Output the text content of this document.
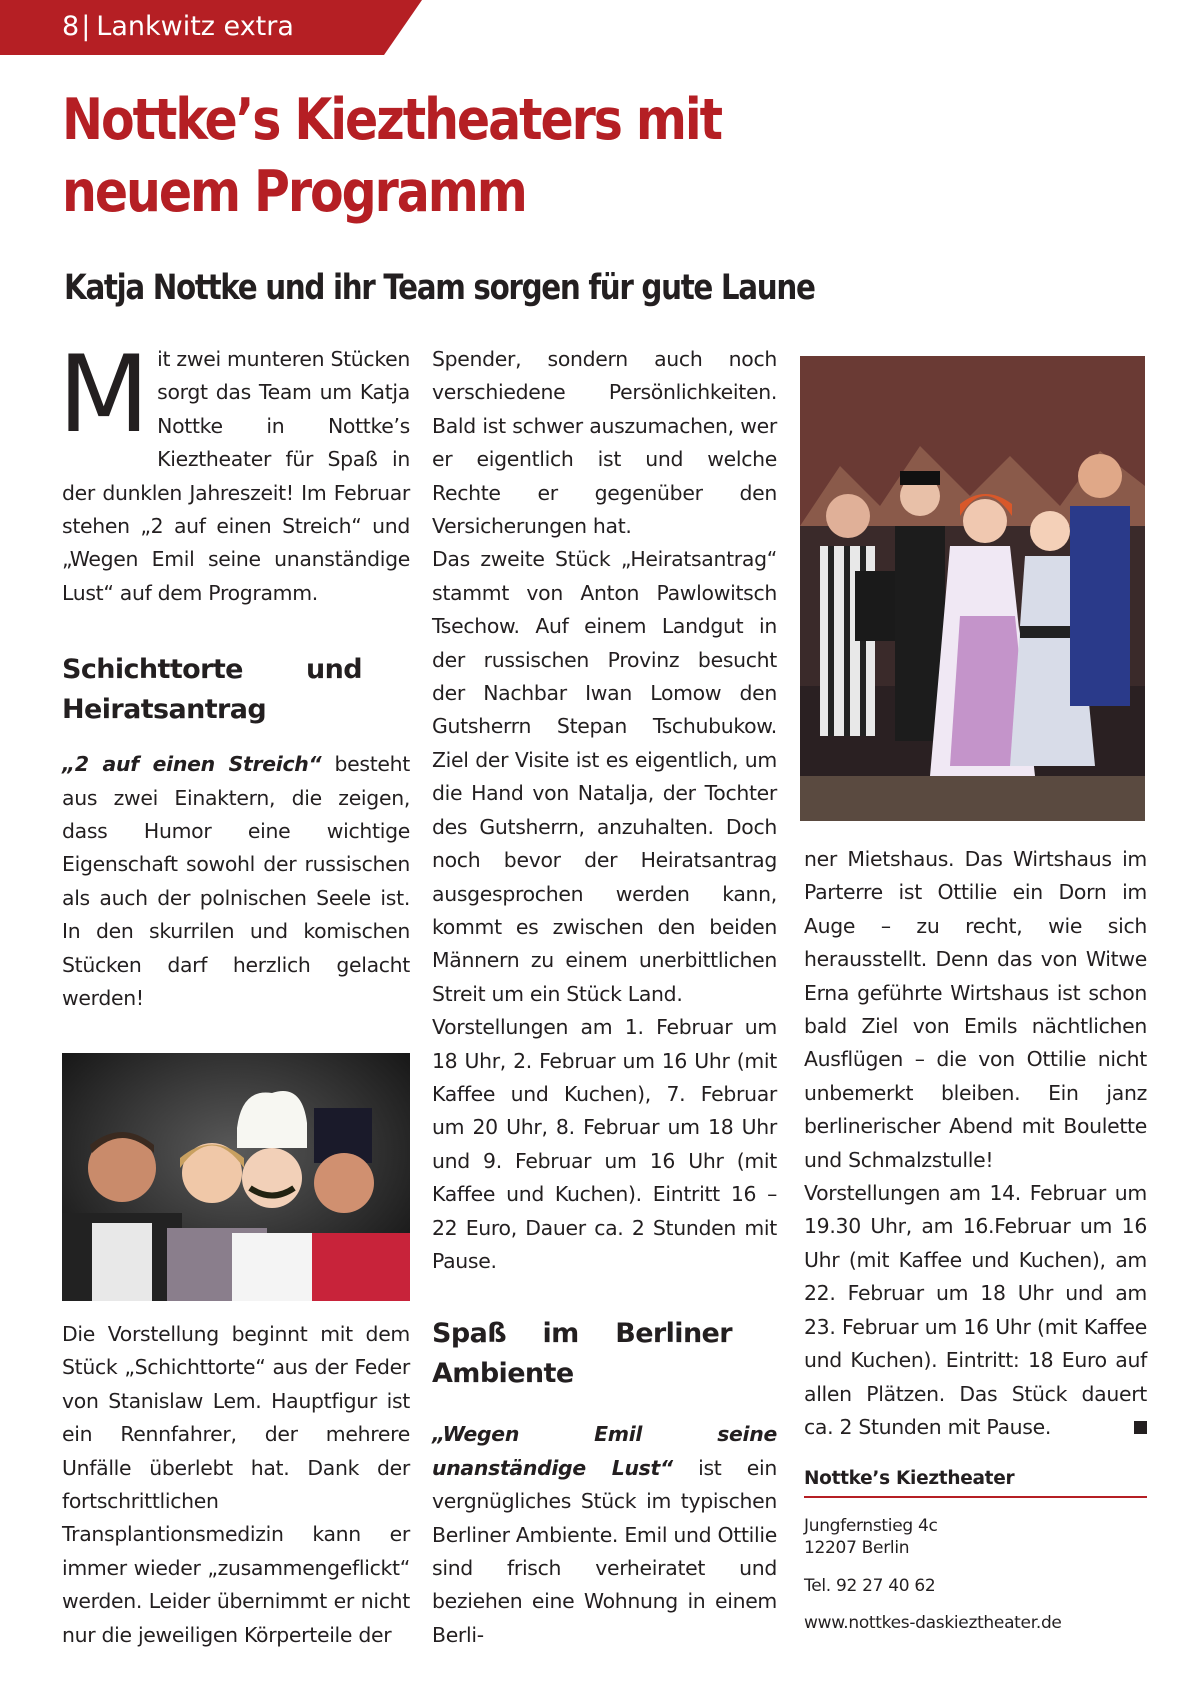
8| Lankwitz extra
Nottke’s Kieztheaters mit neuem Programm
Katja Nottke und ihr Team sorgen für gute Laune

Mit zwei munteren Stücken sorgt das Team um Katja Nottke in Nottke’s Kieztheater für Spaß in der dunklen Jahreszeit! Im Februar stehen „2 auf einen Streich“ und „Wegen Emil seine unanständige Lust“ auf dem Programm.

Schichttorte und Heiratsantrag

„2 auf einen Streich“ besteht aus zwei Einaktern, die zeigen, dass Humor eine wichtige Eigenschaft sowohl der russischen als auch der polnischen Seele ist. In den skurrilen und komischen Stücken darf herzlich gelacht werden!

Die Vorstellung beginnt mit dem Stück „Schichttorte“ aus der Feder von Stanislaw Lem. Hauptfigur ist ein Rennfahrer, der mehrere Unfälle überlebt hat. Dank der fortschrittlichen Transplantionsmedizin kann er immer wieder „zusammengeflickt“ werden. Leider übernimmt er nicht nur die jeweiligen Körperteile der

Spender, sondern auch noch verschiedene Persönlichkeiten. Bald ist schwer auszumachen, wer er eigentlich ist und welche Rechte er gegenüber den Versicherungen hat.

Das zweite Stück „Heiratsantrag“ stammt von Anton Pawlowitsch Tsechow. Auf einem Landgut in der russischen Provinz besucht der Nachbar Iwan Lomow den Gutsherrn Stepan Tschubukow. Ziel der Visite ist es eigentlich, um die Hand von Natalja, der Tochter des Gutsherrn, anzuhalten. Doch noch bevor der Heiratsantrag ausgesprochen werden kann, kommt es zwischen den beiden Männern zu einem unerbittlichen Streit um ein Stück Land.

Vorstellungen am 1. Februar um 18 Uhr, 2. Februar um 16 Uhr (mit Kaffee und Kuchen), 7. Februar um 20 Uhr, 8. Februar um 18 Uhr und 9. Februar um 16 Uhr (mit Kaffee und Kuchen). Eintritt 16 – 22 Euro, Dauer ca. 2 Stunden mit Pause.

Spaß im Berliner Ambiente

„Wegen Emil seine unanständige Lust“ ist ein vergnügliches Stück im typischen Berliner Ambiente. Emil und Ottilie sind frisch verheiratet und beziehen eine Wohnung in einem Berli-

ner Mietshaus. Das Wirtshaus im Parterre ist Ottilie ein Dorn im Auge – zu recht, wie sich herausstellt. Denn das von Witwe Erna geführte Wirtshaus ist schon bald Ziel von Emils nächtlichen Ausflügen – die von Ottilie nicht unbemerkt bleiben. Ein janz berlinerischer Abend mit Boulette und Schmalzstulle!

Vorstellungen am 14. Februar um 19.30 Uhr, am 16.Februar um 16 Uhr (mit Kaffee und Kuchen), am 22. Februar um 18 Uhr und am 23. Februar um 16 Uhr (mit Kaffee und Kuchen). Eintritt: 18 Euro auf allen Plätzen. Das Stück dauert ca. 2 Stunden mit Pause.

Nottke’s Kieztheater
Jungfernstieg 4c
12207 Berlin
Tel. 92 27 40 62
www.nottkes-daskieztheater.de
